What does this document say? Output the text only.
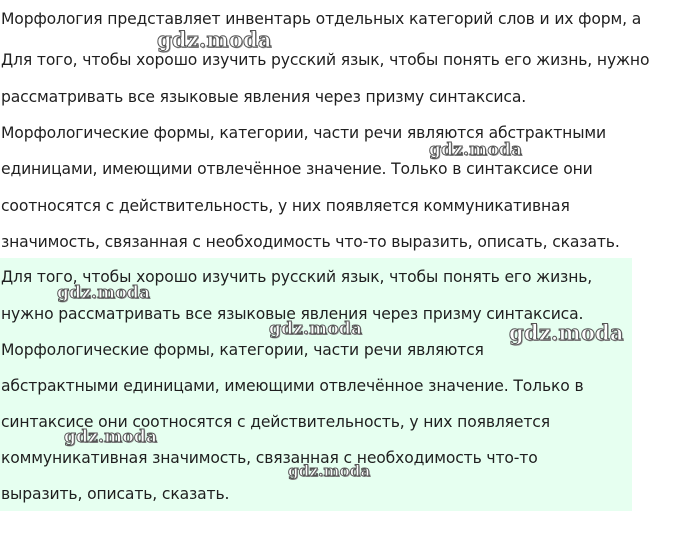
Морфология представляет инвентарь отдельных категорий слов и их форм, а
Для того, чтобы хорошо изучить русский язык, чтобы понять его жизнь, нужно
рассматривать все языковые явления через призму синтаксиса.
Морфологические формы, категории, части речи являются абстрактными
единицами, имеющими отвлечённое значение. Только в синтаксисе они
соотносятся с действительность, у них появляется коммуникативная
значимость, связанная с необходимость что-то выразить, описать, сказать.
Для того, чтобы хорошо изучить русский язык, чтобы понять его жизнь,
нужно рассматривать все языковые явления через призму синтаксиса.
Морфологические формы, категории, части речи являются
абстрактными единицами, имеющими отвлечённое значение. Только в
синтаксисе они соотносятся с действительность, у них появляется
коммуникативная значимость, связанная с необходимость что-то
выразить, описать, сказать.
gdz.moda
gdz.moda
gdz.moda
gdz.moda	gdz.moda
gdz.moda
gdz.moda
